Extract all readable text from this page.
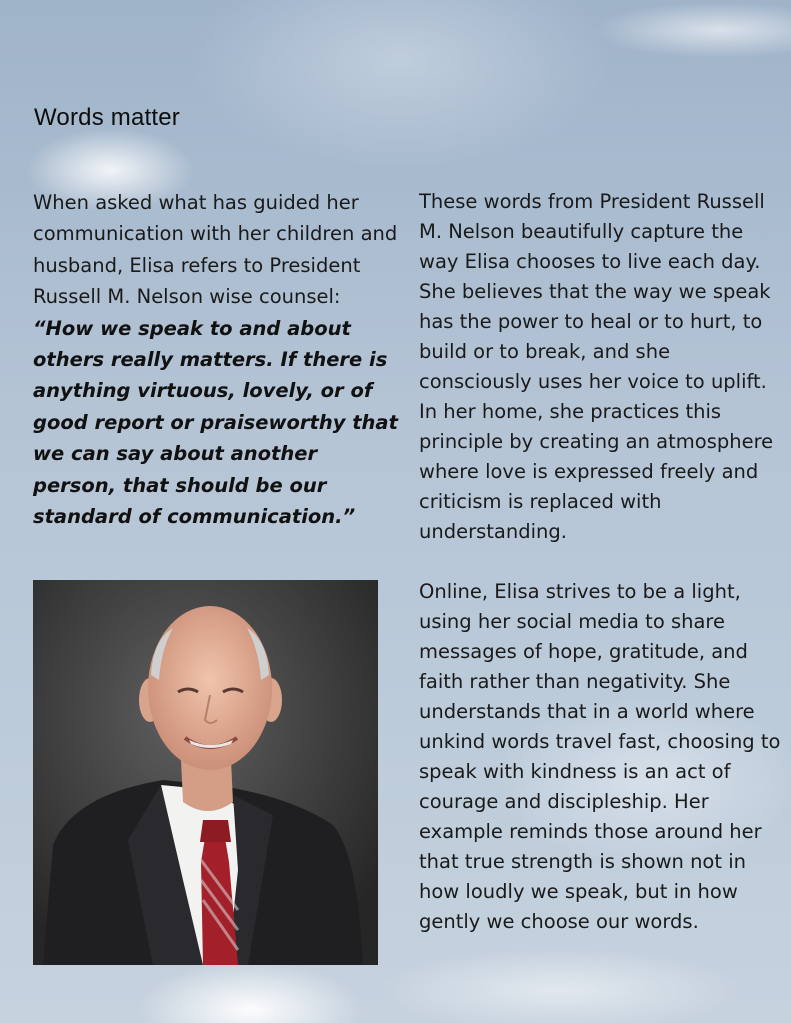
Words matter

When asked what has guided her communication with her children and husband, Elisa refers to President Russell M. Nelson wise counsel:

“How we speak to and about others really matters. If there is anything virtuous, lovely, or of good report or praiseworthy that we can say about another person, that should be our standard of communication.”

These words from President Russell M. Nelson beautifully capture the way Elisa chooses to live each day. She believes that the way we speak has the power to heal or to hurt, to build or to break, and she consciously uses her voice to uplift. In her home, she practices this principle by creating an atmosphere where love is expressed freely and criticism is replaced with understanding.

Online, Elisa strives to be a light, using her social media to share messages of hope, gratitude, and faith rather than negativity. She understands that in a world where unkind words travel fast, choosing to speak with kindness is an act of courage and discipleship. Her example reminds those around her that true strength is shown not in how loudly we speak, but in how gently we choose our words.
